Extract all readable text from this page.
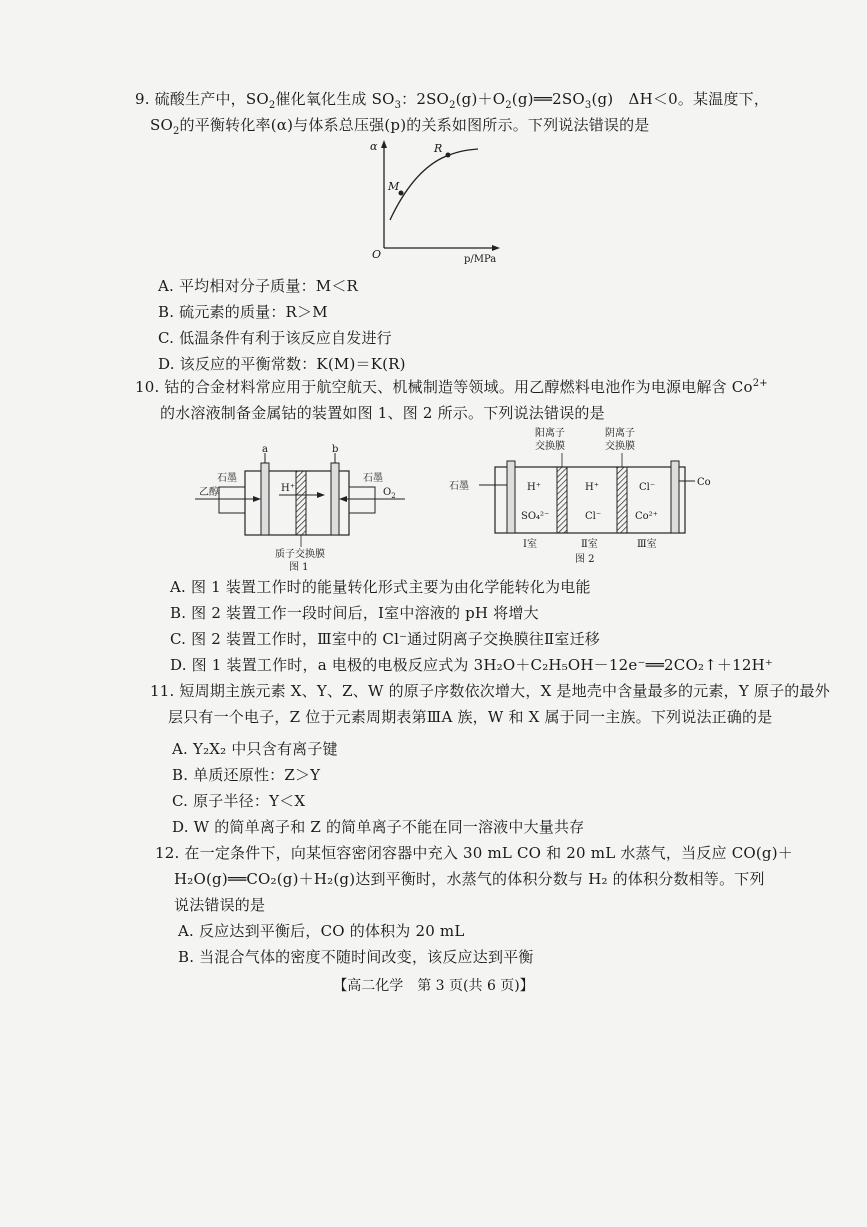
9. 硫酸生产中，$SO_2$催化氧化生成 $SO_3$：$2SO_2(g)+O_2(g)══2SO_3(g)$　ΔH＜0。某温度下，
$SO_2$的平衡转化率(α)与体系总压强(p)的关系如图所示。下列说法错误的是
α
M
R
O	p/MPa
A. 平均相对分子质量：M＜R
B. 硫元素的质量：R＞M
C. 低温条件有利于该反应自发进行
D. 该反应的平衡常数：K(M)＝K(R)
10. 钴的合金材料常应用于航空航天、机械制造等领域。用乙醇燃料电池作为电源电解含 $Co^{2+}$
的水溶液制备金属钴的装置如图 1、图 2 所示。下列说法错误的是
a	b
石墨	石墨
乙醇	$O_2$
H⁺
质子交换膜
图 1
阳离子
交换膜
阴离子
交换膜
石墨	Co
H⁺
SO₄²⁻
H⁺
Cl⁻
Cl⁻
Co²⁺
Ⅰ室	Ⅱ室	Ⅲ室
图 2
A. 图 1 装置工作时的能量转化形式主要为由化学能转化为电能
B. 图 2 装置工作一段时间后，Ⅰ室中溶液的 pH 将增大
C. 图 2 装置工作时，Ⅲ室中的 Cl⁻通过阴离子交换膜往Ⅱ室迁移
D. 图 1 装置工作时，a 电极的电极反应式为 3H₂O＋C₂H₅OH－12e⁻══2CO₂↑＋12H⁺
11. 短周期主族元素 X、Y、Z、W 的原子序数依次增大，X 是地壳中含量最多的元素，Y 原子的最外
层只有一个电子，Z 位于元素周期表第ⅢA 族，W 和 X 属于同一主族。下列说法正确的是
A. Y₂X₂ 中只含有离子键
B. 单质还原性：Z＞Y
C. 原子半径：Y＜X
D. W 的简单离子和 Z 的简单离子不能在同一溶液中大量共存
12. 在一定条件下，向某恒容密闭容器中充入 30 mL CO 和 20 mL 水蒸气，当反应 CO(g)＋
H₂O(g)══CO₂(g)＋H₂(g)达到平衡时，水蒸气的体积分数与 H₂ 的体积分数相等。下列
说法错误的是
A. 反应达到平衡后，CO 的体积为 20 mL
B. 当混合气体的密度不随时间改变，该反应达到平衡
【高二化学　第 3 页(共 6 页)】
